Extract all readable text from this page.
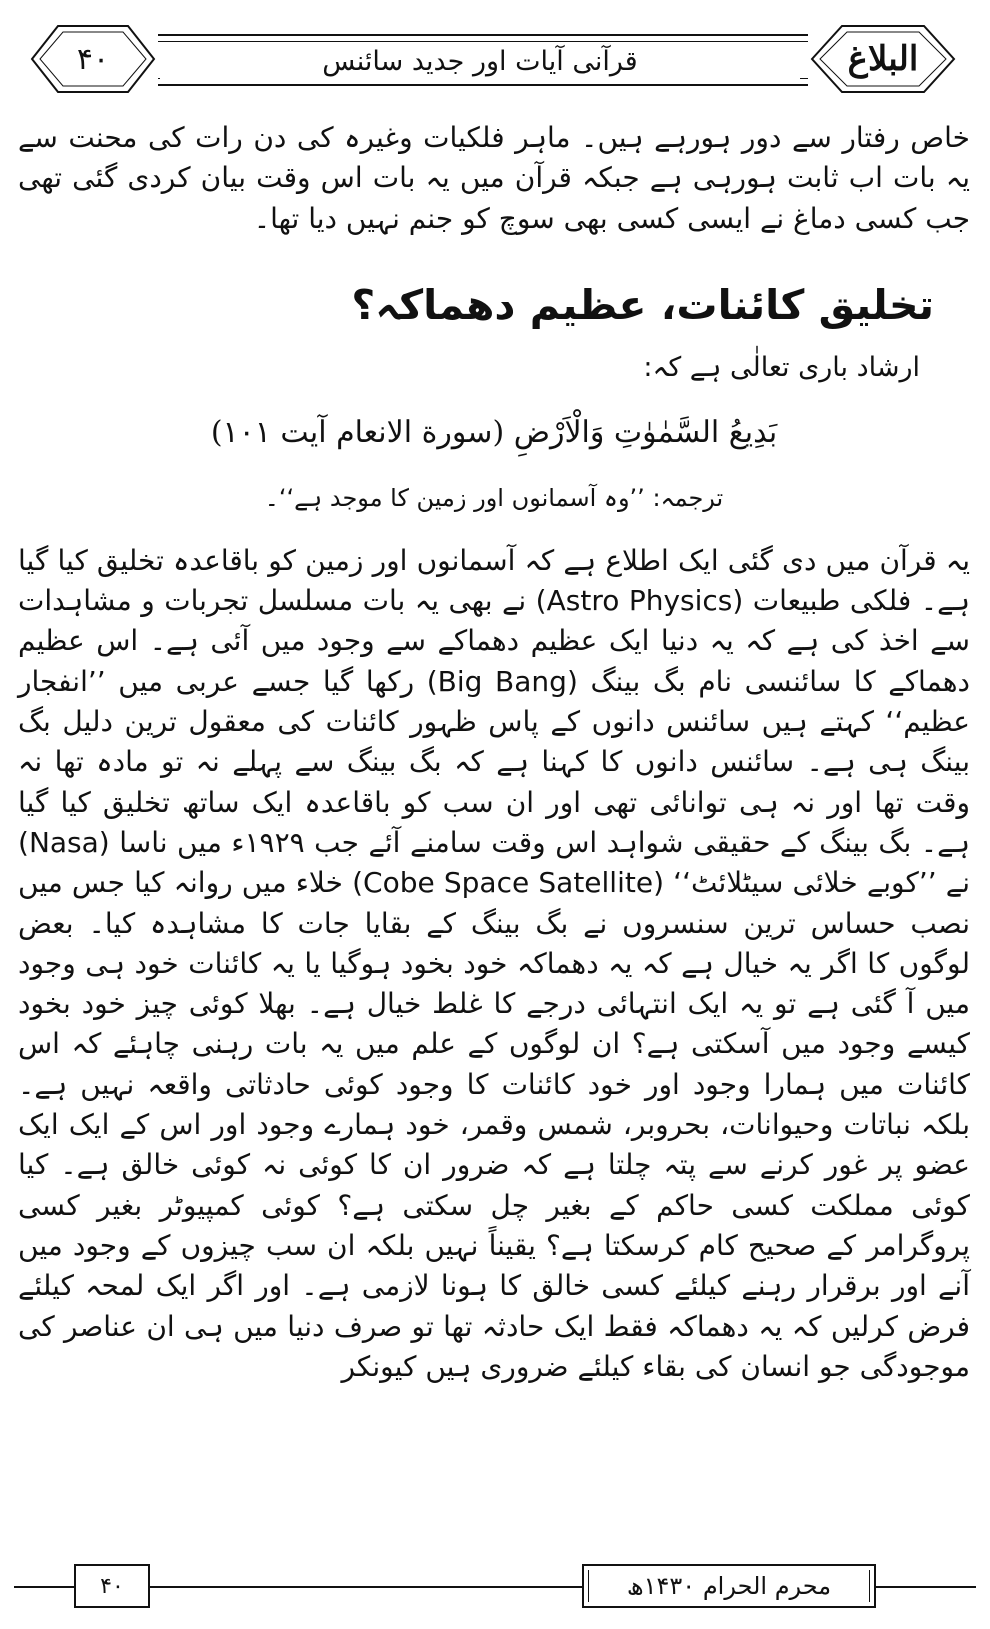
۴۰	قرآنی آیات اور جدید سائنس	البلاغ

خاص رفتار سے دور ہورہے ہیں۔ ماہر فلکیات وغیرہ کی دن رات کی محنت سے یہ بات اب ثابت ہورہی ہے جبکہ قرآن میں یہ بات اس وقت بیان کردی گئی تھی جب کسی دماغ نے ایسی کسی بھی سوچ کو جنم نہیں دیا تھا۔

تخلیق کائنات، عظیم دھماکہ؟
ارشاد باری تعالٰی ہے کہ:
بَدِيعُ السَّمٰوٰتِ وَالْاَرْضِ (سورة الانعام آيت ١٠١)
ترجمہ: ’’وہ آسمانوں اور زمین کا موجد ہے‘‘۔

یہ قرآن میں دی گئی ایک اطلاع ہے کہ آسمانوں اور زمین کو باقاعدہ تخلیق کیا گیا ہے۔ فلکی طبیعات (Astro Physics) نے بھی یہ بات مسلسل تجربات و مشاہدات سے اخذ کی ہے کہ یہ دنیا ایک عظیم دھماکے سے وجود میں آئی ہے۔ اس عظیم دھماکے کا سائنسی نام بگ بینگ (Big Bang) رکھا گیا جسے عربی میں ’’انفجار عظیم‘‘ کہتے ہیں سائنس دانوں کے پاس ظہور کائنات کی معقول ترین دلیل بگ بینگ ہی ہے۔ سائنس دانوں کا کہنا ہے کہ بگ بینگ سے پہلے نہ تو مادہ تھا نہ وقت تھا اور نہ ہی توانائی تھی اور ان سب کو باقاعدہ ایک ساتھ تخلیق کیا گیا ہے۔ بگ بینگ کے حقیقی شواہد اس وقت سامنے آئے جب ۱۹۲۹ء میں ناسا (Nasa) نے ’’کوبے خلائی سیٹلائٹ‘‘ (Cobe Space Satellite) خلاء میں روانہ کیا جس میں نصب حساس ترین سنسروں نے بگ بینگ کے بقایا جات کا مشاہدہ کیا۔ بعض لوگوں کا اگر یہ خیال ہے کہ یہ دھماکہ خود بخود ہوگیا یا یہ کائنات خود ہی وجود میں آ گئی ہے تو یہ ایک انتہائی درجے کا غلط خیال ہے۔ بھلا کوئی چیز خود بخود کیسے وجود میں آسکتی ہے؟ ان لوگوں کے علم میں یہ بات رہنی چاہئے کہ اس کائنات میں ہمارا وجود اور خود کائنات کا وجود کوئی حادثاتی واقعہ نہیں ہے۔ بلکہ نباتات وحیوانات، بحروبر، شمس وقمر، خود ہمارے وجود اور اس کے ایک ایک عضو پر غور کرنے سے پتہ چلتا ہے کہ ضرور ان کا کوئی نہ کوئی خالق ہے۔ کیا کوئی مملکت کسی حاکم کے بغیر چل سکتی ہے؟ کوئی کمپیوٹر بغیر کسی پروگرامر کے صحیح کام کرسکتا ہے؟ یقیناً نہیں بلکہ ان سب چیزوں کے وجود میں آنے اور برقرار رہنے کیلئے کسی خالق کا ہونا لازمی ہے۔ اور اگر ایک لمحہ کیلئے فرض کرلیں کہ یہ دھماکہ فقط ایک حادثہ تھا تو صرف دنیا میں ہی ان عناصر کی موجودگی جو انسان کی بقاء کیلئے ضروری ہیں کیونکر

۴۰	محرم الحرام ۱۴۳۰ھ
